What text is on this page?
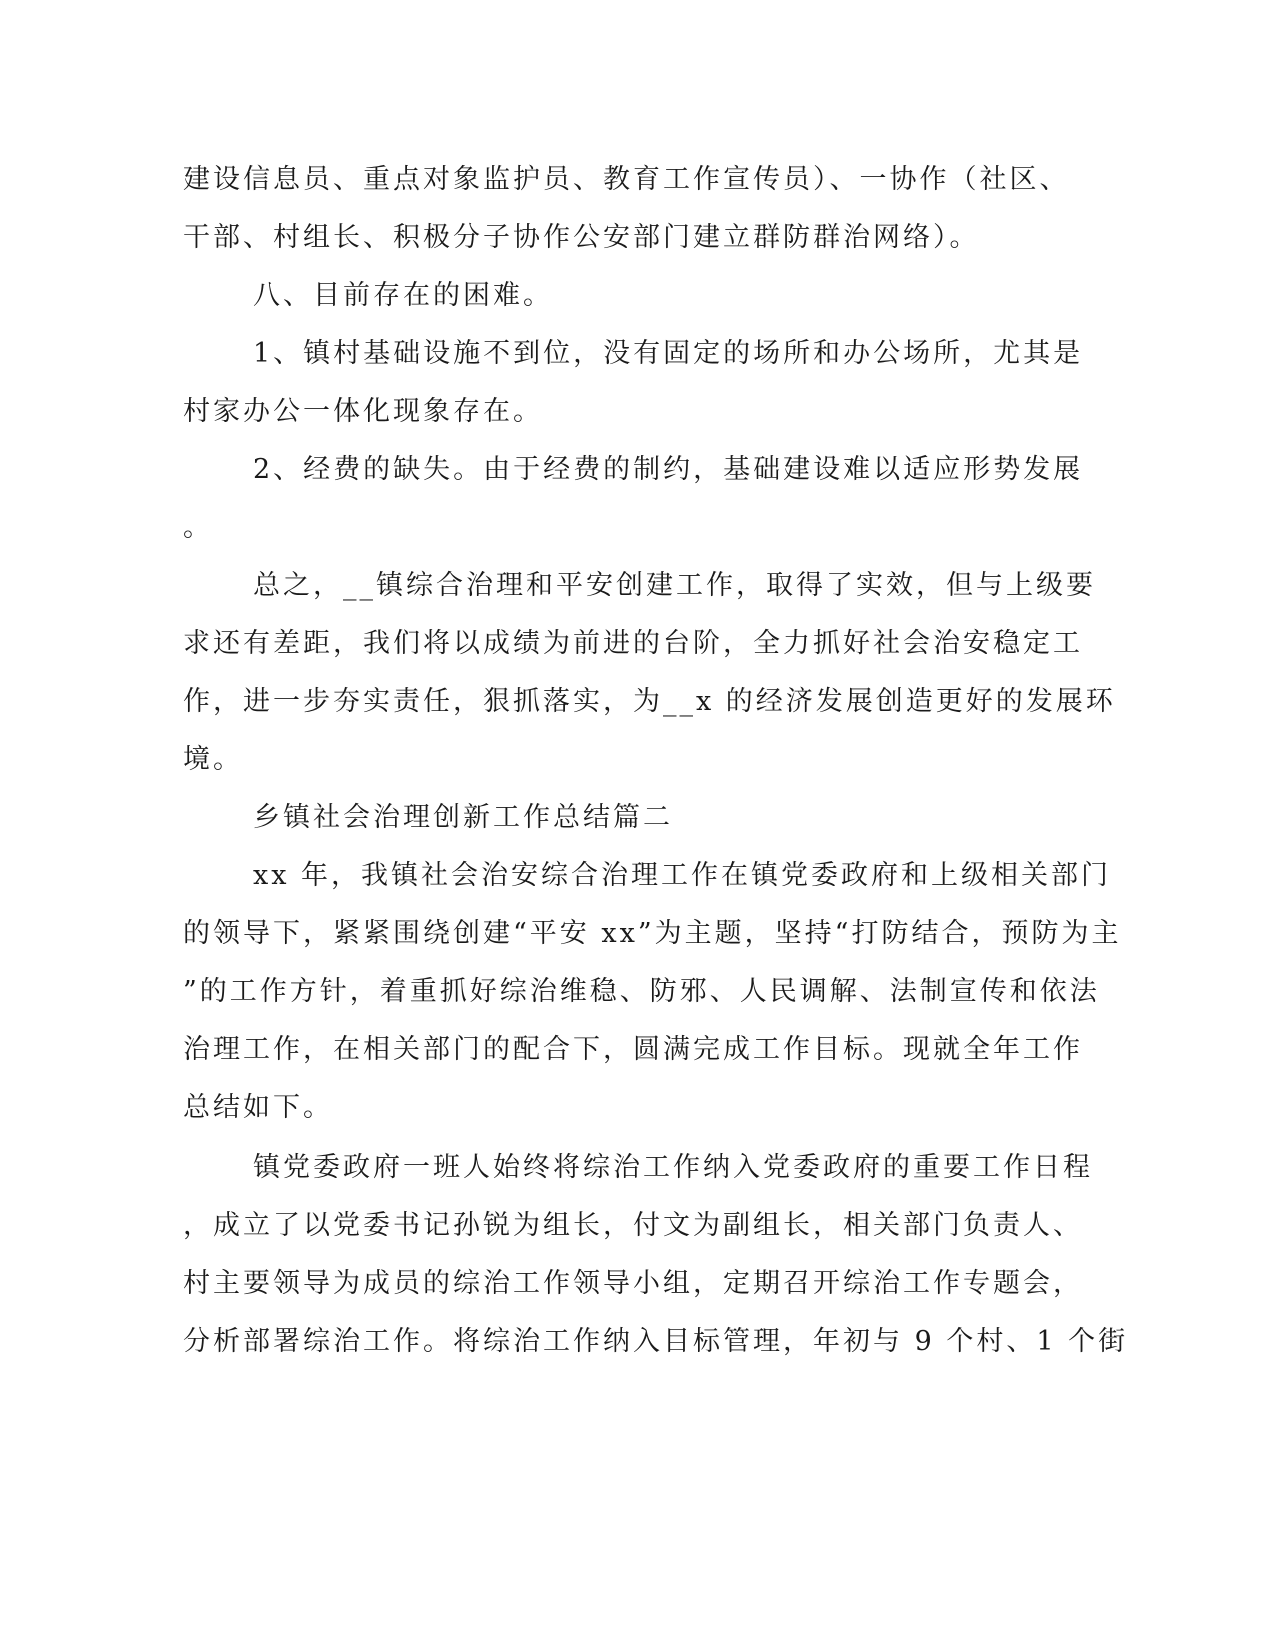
建设信息员、重点对象监护员、教育工作宣传员）、一协作（社区、
干部、村组长、积极分子协作公安部门建立群防群治网络）。
八、目前存在的困难。
1、镇村基础设施不到位，没有固定的场所和办公场所，尤其是
村家办公一体化现象存在。
2、经费的缺失。由于经费的制约，基础建设难以适应形势发展
。
总之，__镇综合治理和平安创建工作，取得了实效，但与上级要
求还有差距，我们将以成绩为前进的台阶，全力抓好社会治安稳定工
作，进一步夯实责任，狠抓落实，为__x 的经济发展创造更好的发展环
境。
乡镇社会治理创新工作总结篇二
xx 年，我镇社会治安综合治理工作在镇党委政府和上级相关部门
的领导下，紧紧围绕创建“平安 xx”为主题，坚持“打防结合，预防为主
”的工作方针，着重抓好综治维稳、防邪、人民调解、法制宣传和依法
治理工作，在相关部门的配合下，圆满完成工作目标。现就全年工作
总结如下。
镇党委政府一班人始终将综治工作纳入党委政府的重要工作日程
，成立了以党委书记孙锐为组长，付文为副组长，相关部门负责人、
村主要领导为成员的综治工作领导小组，定期召开综治工作专题会，
分析部署综治工作。将综治工作纳入目标管理，年初与 9 个村、1 个街
